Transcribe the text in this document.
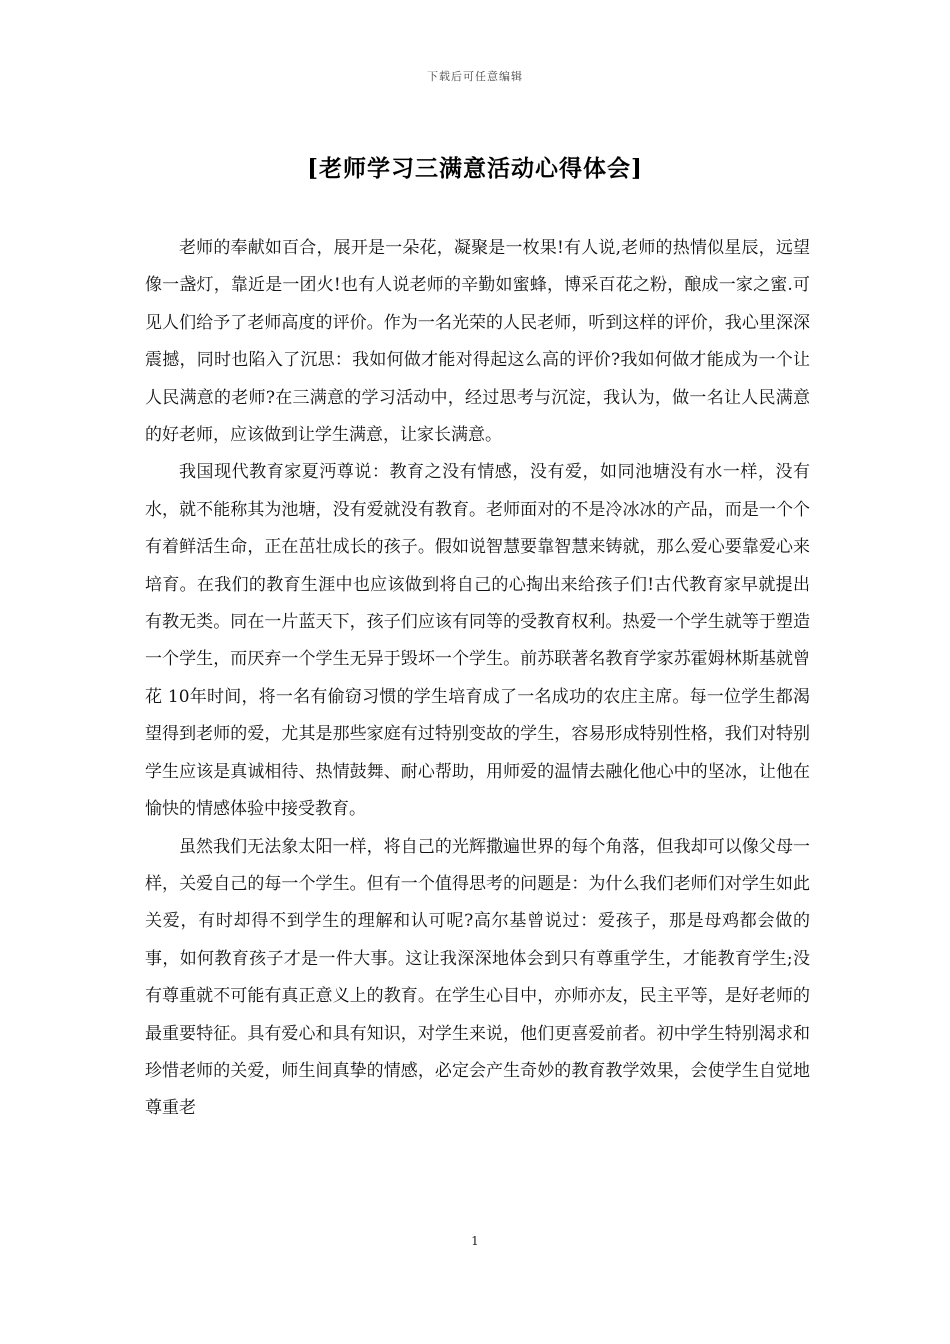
下载后可任意编辑
[老师学习三满意活动心得体会]

老师的奉献如百合，展开是一朵花，凝聚是一枚果!有人说,老师的热情似星辰，远望像一盏灯，靠近是一团火!也有人说老师的辛勤如蜜蜂，博采百花之粉，酿成一家之蜜.可见人们给予了老师高度的评价。作为一名光荣的人民老师，听到这样的评价，我心里深深震撼，同时也陷入了沉思：我如何做才能对得起这么高的评价?我如何做才能成为一个让人民满意的老师?在三满意的学习活动中，经过思考与沉淀，我认为，做一名让人民满意的好老师，应该做到让学生满意，让家长满意。

我国现代教育家夏沔尊说：教育之没有情感，没有爱，如同池塘没有水一样，没有水，就不能称其为池塘，没有爱就没有教育。老师面对的不是冷冰冰的产品，而是一个个有着鲜活生命，正在茁壮成长的孩子。假如说智慧要靠智慧来铸就，那么爱心要靠爱心来培育。在我们的教育生涯中也应该做到将自己的心掏出来给孩子们!古代教育家早就提出有教无类。同在一片蓝天下，孩子们应该有同等的受教育权利。热爱一个学生就等于塑造一个学生，而厌弃一个学生无异于毁坏一个学生。前苏联著名教育学家苏霍姆林斯基就曾花 10年时间，将一名有偷窃习惯的学生培育成了一名成功的农庄主席。每一位学生都渴望得到老师的爱，尤其是那些家庭有过特别变故的学生，容易形成特别性格，我们对特别学生应该是真诚相待、热情鼓舞、耐心帮助，用师爱的温情去融化他心中的坚冰，让他在愉快的情感体验中接受教育。

虽然我们无法象太阳一样，将自己的光辉撒遍世界的每个角落，但我却可以像父母一样，关爱自己的每一个学生。但有一个值得思考的问题是：为什么我们老师们对学生如此关爱，有时却得不到学生的理解和认可呢?高尔基曾说过：爱孩子，那是母鸡都会做的事，如何教育孩子才是一件大事。这让我深深地体会到只有尊重学生，才能教育学生;没有尊重就不可能有真正意义上的教育。在学生心目中，亦师亦友，民主平等，是好老师的最重要特征。具有爱心和具有知识，对学生来说，他们更喜爱前者。初中学生特别渴求和珍惜老师的关爱，师生间真挚的情感，必定会产生奇妙的教育教学效果，会使学生自觉地尊重老

1
